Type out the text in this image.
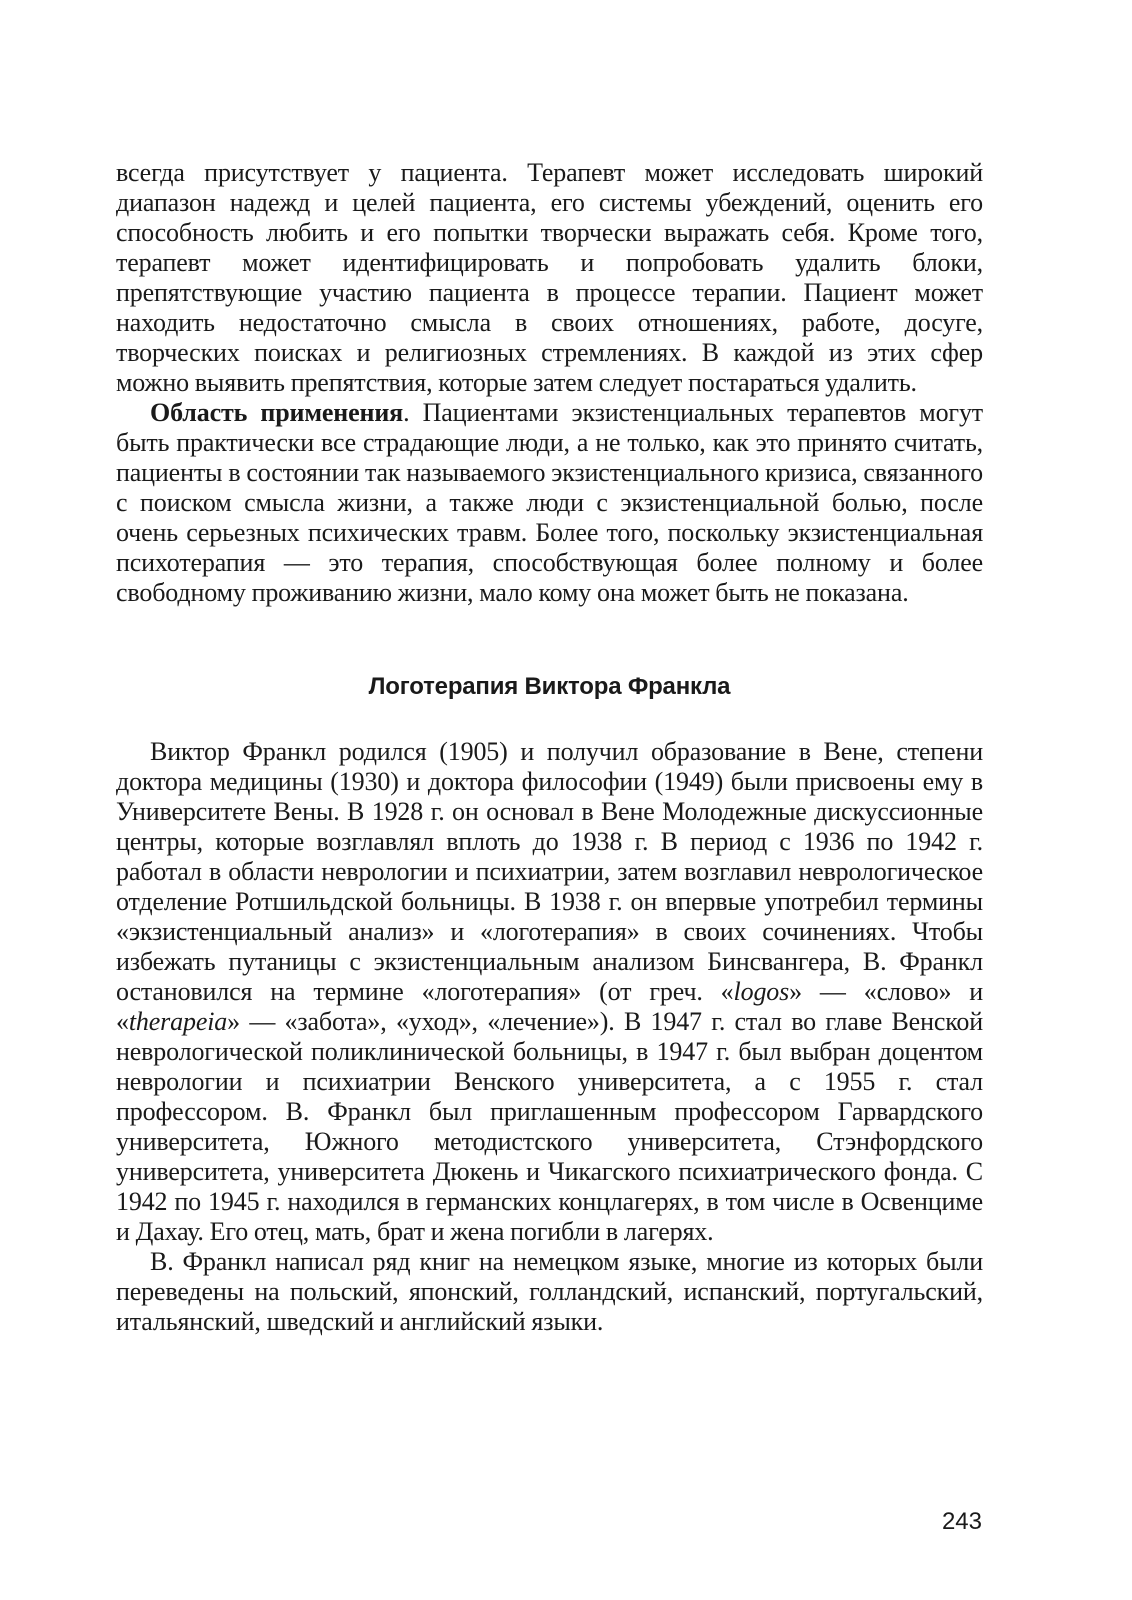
всегда присутствует у пациента. Терапевт может исследовать широкий диапазон надежд и целей пациента, его системы убеждений, оценить его способность любить и его попытки творчески выражать себя. Кроме того, терапевт может идентифицировать и попробовать удалить блоки, препятствующие участию пациента в процессе терапии. Пациент может находить недостаточно смысла в своих отношениях, работе, досуге, творческих поисках и религиозных стремлениях. В каждой из этих сфер можно выявить препятствия, которые затем следует постараться удалить.

Область применения. Пациентами экзистенциальных терапевтов могут быть практически все страдающие люди, а не только, как это принято считать, пациенты в состоянии так называемого экзистенциального кризиса, связанного с поиском смысла жизни, а также люди с экзистенциальной болью, после очень серьезных психических травм. Более того, поскольку экзистенциальная психотерапия — это терапия, способствующая более полному и более свободному проживанию жизни, мало кому она может быть не показана.

Логотерапия Виктора Франкла

Виктор Франкл родился (1905) и получил образование в Вене, степени доктора медицины (1930) и доктора философии (1949) были присвоены ему в Университете Вены. В 1928 г. он основал в Вене Молодежные дискуссионные центры, которые возглавлял вплоть до 1938 г. В период с 1936 по 1942 г. работал в области неврологии и психиатрии, затем возглавил неврологическое отделение Ротшильдской больницы. В 1938 г. он впервые употребил термины «экзистенциальный анализ» и «логотерапия» в своих сочинениях. Чтобы избежать путаницы с экзистенциальным анализом Бинсвангера, В. Франкл остановился на термине «логотерапия» (от греч. «logos» — «слово» и «therapeia» — «забота», «уход», «лечение»). В 1947 г. стал во главе Венской неврологической поликлинической больницы, в 1947 г. был выбран доцентом неврологии и психиатрии Венского университета, а с 1955 г. стал профессором. В. Франкл был приглашенным профессором Гарвардского университета, Южного методистского университета, Стэнфордского университета, университета Дюкень и Чикагского психиатрического фонда. С 1942 по 1945 г. находился в германских концлагерях, в том числе в Освенциме и Дахау. Его отец, мать, брат и жена погибли в лагерях.

В. Франкл написал ряд книг на немецком языке, многие из которых были переведены на польский, японский, голландский, испанский, португальский, итальянский, шведский и английский языки.

243
